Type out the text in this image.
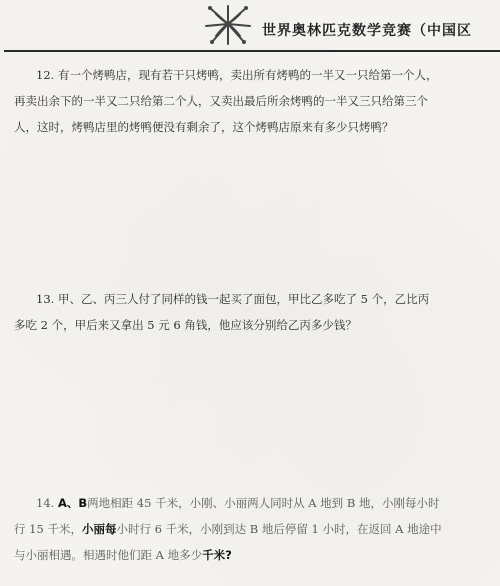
世界奥林匹克数学竞赛（中国区
12. 有一个烤鸭店，现有若干只烤鸭，卖出所有烤鸭的一半又一只给第一个人，
再卖出余下的一半又二只给第二个人，又卖出最后所余烤鸭的一半又三只给第三个
人，这时，烤鸭店里的烤鸭便没有剩余了，这个烤鸭店原来有多少只烤鸭？
13. 甲、乙、丙三人付了同样的钱一起买了面包，甲比乙多吃了 5 个，乙比丙
多吃 2 个，甲后来又拿出 5 元 6 角钱，他应该分别给乙丙多少钱？
14. A、B两地相距 45 千米，小刚、小丽两人同时从 A 地到 B 地，小刚每小时
行 15 千米，小丽每小时行 6 千米，小刚到达 B 地后停留 1 小时，在返回 A 地途中
与小丽相遇。相遇时他们距 A 地多少千米?
